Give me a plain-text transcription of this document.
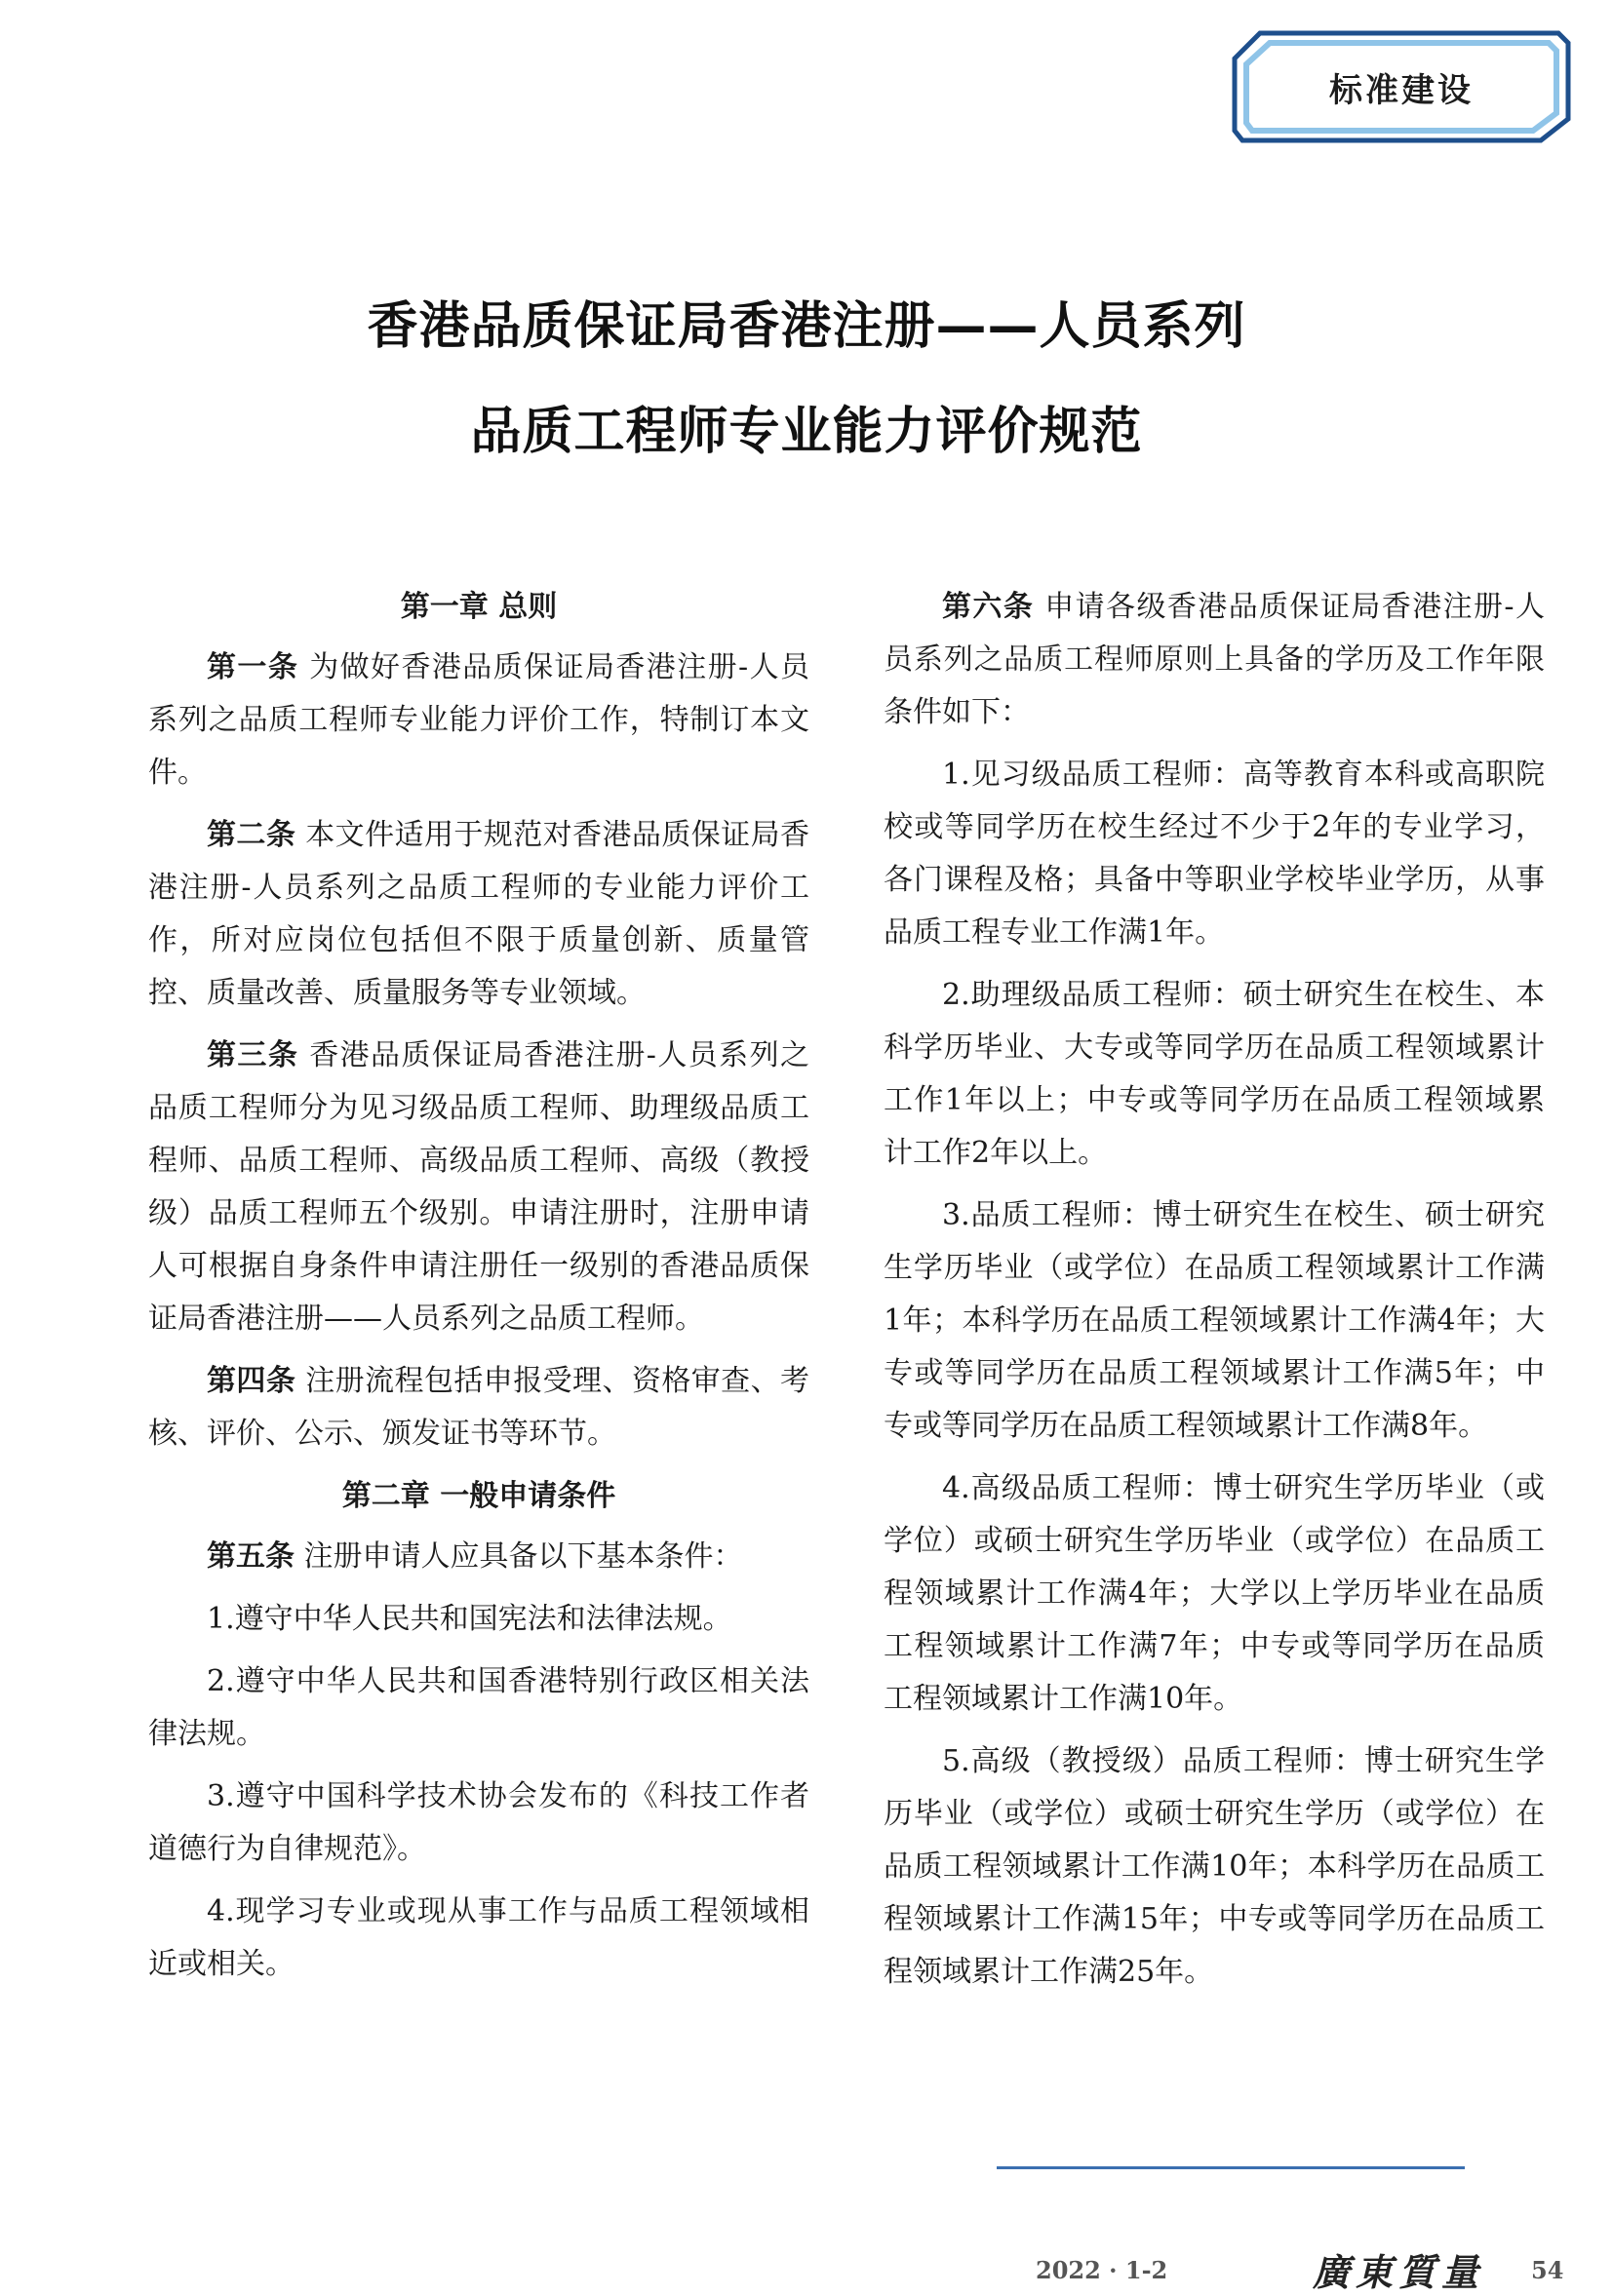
标准建设
香港品质保证局香港注册——人员系列
品质工程师专业能力评价规范
第一章 总则

第一条 为做好香港品质保证局香港注册-人员系列之品质工程师专业能力评价工作，特制订本文件。

第二条 本文件适用于规范对香港品质保证局香港注册-人员系列之品质工程师的专业能力评价工作，所对应岗位包括但不限于质量创新、质量管控、质量改善、质量服务等专业领域。

第三条 香港品质保证局香港注册-人员系列之品质工程师分为见习级品质工程师、助理级品质工程师、品质工程师、高级品质工程师、高级（教授级）品质工程师五个级别。申请注册时，注册申请人可根据自身条件申请注册任一级别的香港品质保证局香港注册——人员系列之品质工程师。

第四条 注册流程包括申报受理、资格审查、考核、评价、公示、颁发证书等环节。

第二章 一般申请条件

第五条 注册申请人应具备以下基本条件：

1.遵守中华人民共和国宪法和法律法规。

2.遵守中华人民共和国香港特别行政区相关法律法规。

3.遵守中国科学技术协会发布的《科技工作者道德行为自律规范》。

4.现学习专业或现从事工作与品质工程领域相近或相关。

第六条 申请各级香港品质保证局香港注册-人员系列之品质工程师原则上具备的学历及工作年限条件如下：

1.见习级品质工程师：高等教育本科或高职院校或等同学历在校生经过不少于2年的专业学习，各门课程及格；具备中等职业学校毕业学历，从事品质工程专业工作满1年。

2.助理级品质工程师：硕士研究生在校生、本科学历毕业、大专或等同学历在品质工程领域累计工作1年以上；中专或等同学历在品质工程领域累计工作2年以上。

3.品质工程师：博士研究生在校生、硕士研究生学历毕业（或学位）在品质工程领域累计工作满1年；本科学历在品质工程领域累计工作满4年；大专或等同学历在品质工程领域累计工作满5年；中专或等同学历在品质工程领域累计工作满8年。

4.高级品质工程师：博士研究生学历毕业（或学位）或硕士研究生学历毕业（或学位）在品质工程领域累计工作满4年；大学以上学历毕业在品质工程领域累计工作满7年；中专或等同学历在品质工程领域累计工作满10年。

5.高级（教授级）品质工程师：博士研究生学历毕业（或学位）或硕士研究生学历（或学位）在品质工程领域累计工作满10年；本科学历在品质工程领域累计工作满15年；中专或等同学历在品质工程领域累计工作满25年。

2022 · 1-2	廣東質量 54
